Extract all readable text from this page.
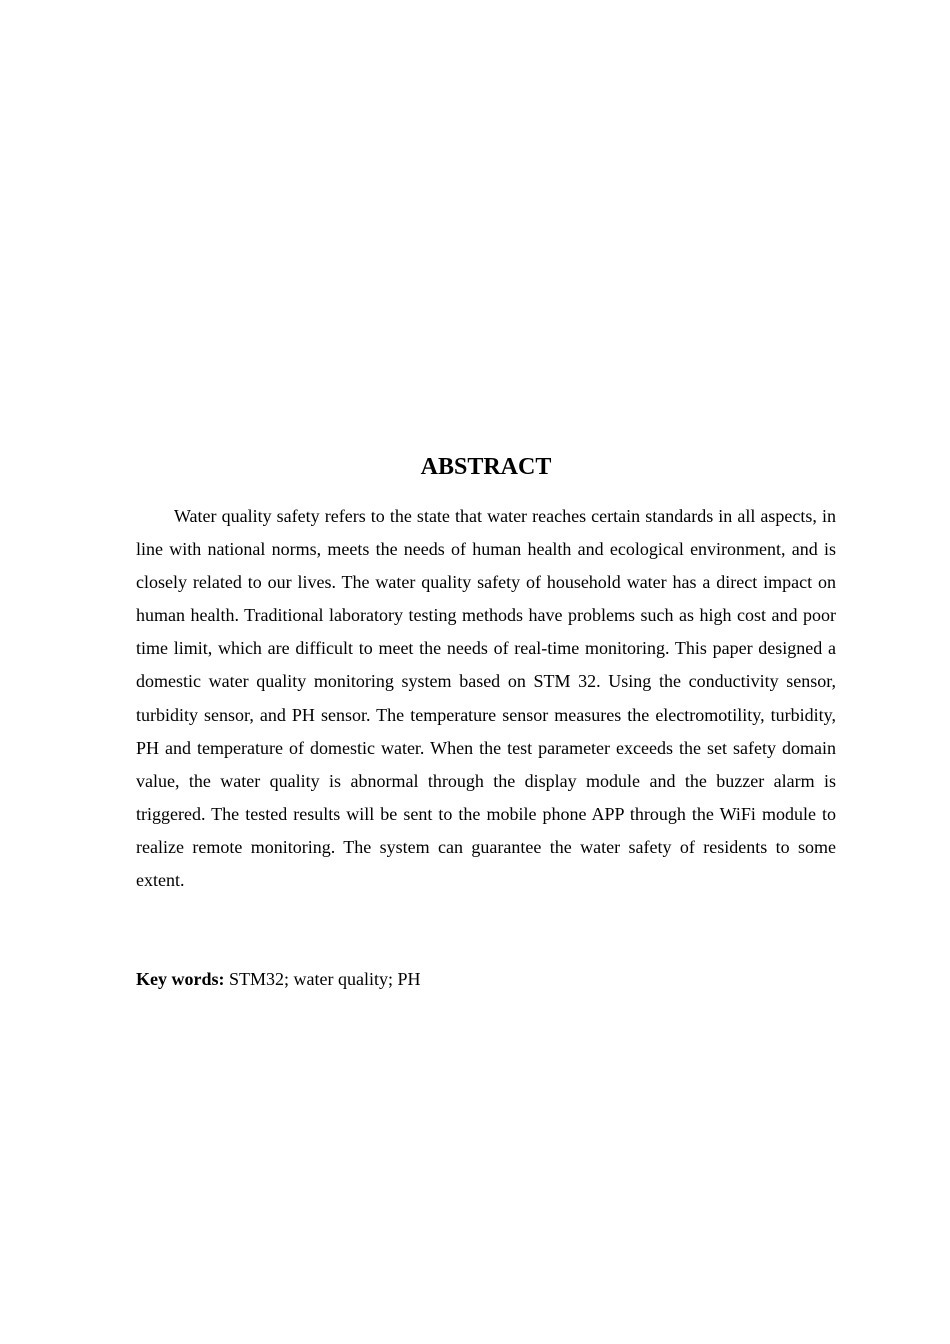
ABSTRACT

Water quality safety refers to the state that water reaches certain standards in all aspects, in line with national norms, meets the needs of human health and ecological environment, and is closely related to our lives. The water quality safety of household water has a direct impact on human health. Traditional laboratory testing methods have problems such as high cost and poor time limit, which are difficult to meet the needs of real-time monitoring. This paper designed a domestic water quality monitoring system based on STM 32. Using the conductivity sensor, turbidity sensor, and PH sensor. The temperature sensor measures the electromotility, turbidity, PH and temperature of domestic water. When the test parameter exceeds the set safety domain value, the water quality is abnormal through the display module and the buzzer alarm is triggered. The tested results will be sent to the mobile phone APP through the WiFi module to realize remote monitoring. The system can guarantee the water safety of residents to some extent.

Key words: STM32; water quality; PH
